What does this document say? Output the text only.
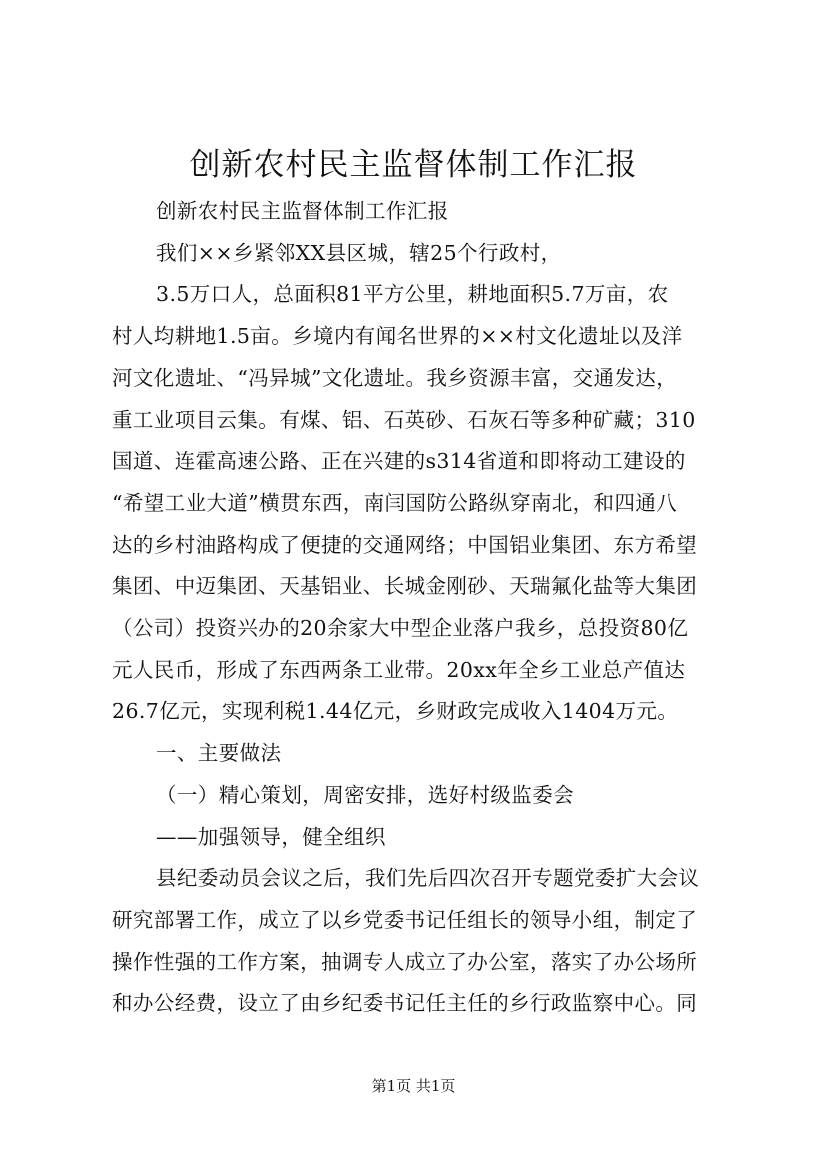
创新农村民主监督体制工作汇报
创新农村民主监督体制工作汇报
我们××乡紧邻XX县区城，辖25个行政村，
3.5万口人，总面积81平方公里，耕地面积5.7万亩，农
村人均耕地1.5亩。乡境内有闻名世界的××村文化遗址以及洋
河文化遗址、“冯异城”文化遗址。我乡资源丰富，交通发达，
重工业项目云集。有煤、铝、石英砂、石灰石等多种矿藏；310
国道、连霍高速公路、正在兴建的s314省道和即将动工建设的
“希望工业大道”横贯东西，南闫国防公路纵穿南北，和四通八
达的乡村油路构成了便捷的交通网络；中国铝业集团、东方希望
集团、中迈集团、天基铝业、长城金刚砂、天瑞氟化盐等大集团
（公司）投资兴办的20余家大中型企业落户我乡，总投资80亿
元人民币，形成了东西两条工业带。20xx年全乡工业总产值达
26.7亿元，实现利税1.44亿元，乡财政完成收入1404万元。
一、主要做法
（一）精心策划，周密安排，选好村级监委会
——加强领导，健全组织
县纪委动员会议之后，我们先后四次召开专题党委扩大会议
研究部署工作，成立了以乡党委书记任组长的领导小组，制定了
操作性强的工作方案，抽调专人成立了办公室，落实了办公场所
和办公经费，设立了由乡纪委书记任主任的乡行政监察中心。同
第1页 共1页
